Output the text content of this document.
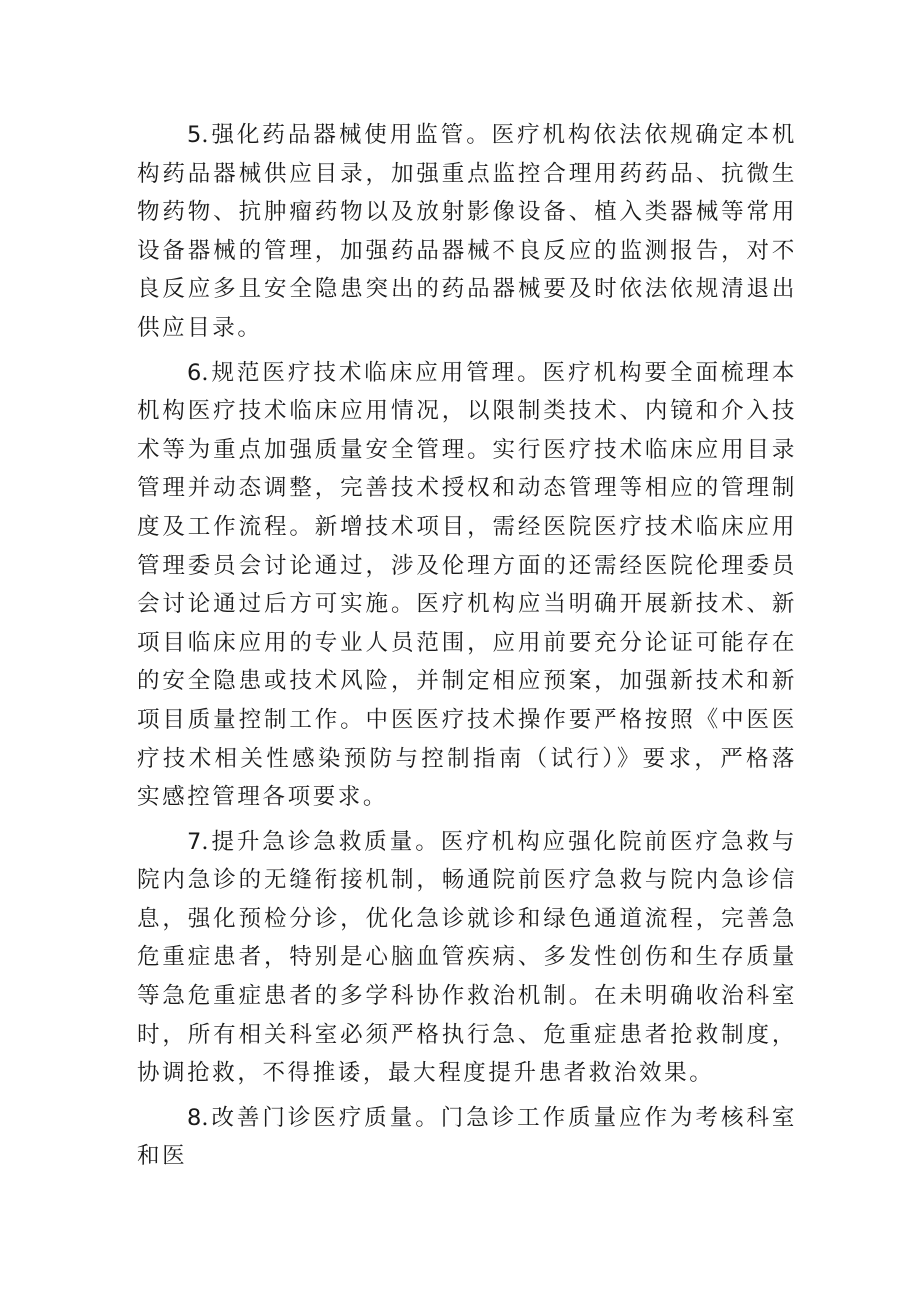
5.强化药品器械使用监管。医疗机构依法依规确定本机构药品器械供应目录，加强重点监控合理用药药品、抗微生物药物、抗肿瘤药物以及放射影像设备、植入类器械等常用设备器械的管理，加强药品器械不良反应的监测报告，对不良反应多且安全隐患突出的药品器械要及时依法依规清退出供应目录。

6.规范医疗技术临床应用管理。医疗机构要全面梳理本机构医疗技术临床应用情况，以限制类技术、内镜和介入技术等为重点加强质量安全管理。实行医疗技术临床应用目录管理并动态调整，完善技术授权和动态管理等相应的管理制度及工作流程。新增技术项目，需经医院医疗技术临床应用管理委员会讨论通过，涉及伦理方面的还需经医院伦理委员会讨论通过后方可实施。医疗机构应当明确开展新技术、新项目临床应用的专业人员范围，应用前要充分论证可能存在的安全隐患或技术风险，并制定相应预案，加强新技术和新项目质量控制工作。中医医疗技术操作要严格按照《中医医疗技术相关性感染预防与控制指南（试行）》要求，严格落实感控管理各项要求。

7.提升急诊急救质量。医疗机构应强化院前医疗急救与院内急诊的无缝衔接机制，畅通院前医疗急救与院内急诊信息，强化预检分诊，优化急诊就诊和绿色通道流程，完善急危重症患者，特别是心脑血管疾病、多发性创伤和生存质量等急危重症患者的多学科协作救治机制。在未明确收治科室时，所有相关科室必须严格执行急、危重症患者抢救制度，协调抢救，不得推诿，最大程度提升患者救治效果。

8.改善门诊医疗质量。门急诊工作质量应作为考核科室和医
